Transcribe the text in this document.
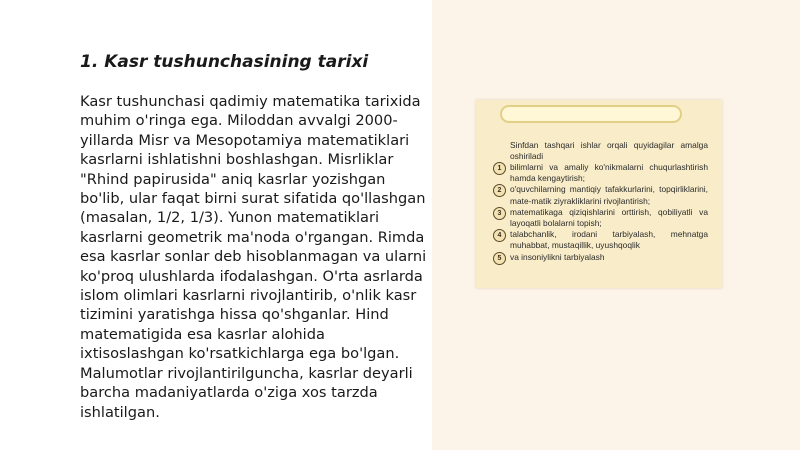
1. Kasr tushunchasining tarixi

Kasr tushunchasi qadimiy matematika tarixida muhim o'ringa ega. Miloddan avvalgi 2000-yillarda Misr va Mesopotamiya matematiklari kasrlarni ishlatishni boshlashgan. Misrliklar "Rhind papirusida" aniq kasrlar yozishgan bo'lib, ular faqat birni surat sifatida qo'llashgan (masalan, 1/2, 1/3). Yunon matematiklari kasrlarni geometrik ma'noda o'rgangan. Rimda esa kasrlar sonlar deb hisoblanmagan va ularni ko'proq ulushlarda ifodalashgan. O'rta asrlarda islom olimlari kasrlarni rivojlantirib, o'nlik kasr tizimini yaratishga hissa qo'shganlar. Hind matematigida esa kasrlar alohida ixtisoslashgan ko'rsatkichlarga ega bo'lgan. Malumotlar rivojlantirilguncha, kasrlar deyarli barcha madaniyatlarda o'ziga xos tarzda ishlatilgan.

Sinfdan tashqari ishlar orqali quyidagilar amalga oshiriladi

1	bilimlarni va amaliy ko'nikmalarni chuqurlashtirish hamda kengaytirish;
2	o'quvchilarning mantiqiy tafakkurlarini, topqirliklarini, mate-matik ziyrakliklarini rivojlantirish;
3	matematikaga qiziqishlarini orttirish, qobiliyatli va layoqatli bolalarni topish;
4	talabchanlik, irodani tarbiyalash, mehnatga muhabbat, mustaqillik, uyushqoqlik
5	va insoniylikni tarbiyalash
